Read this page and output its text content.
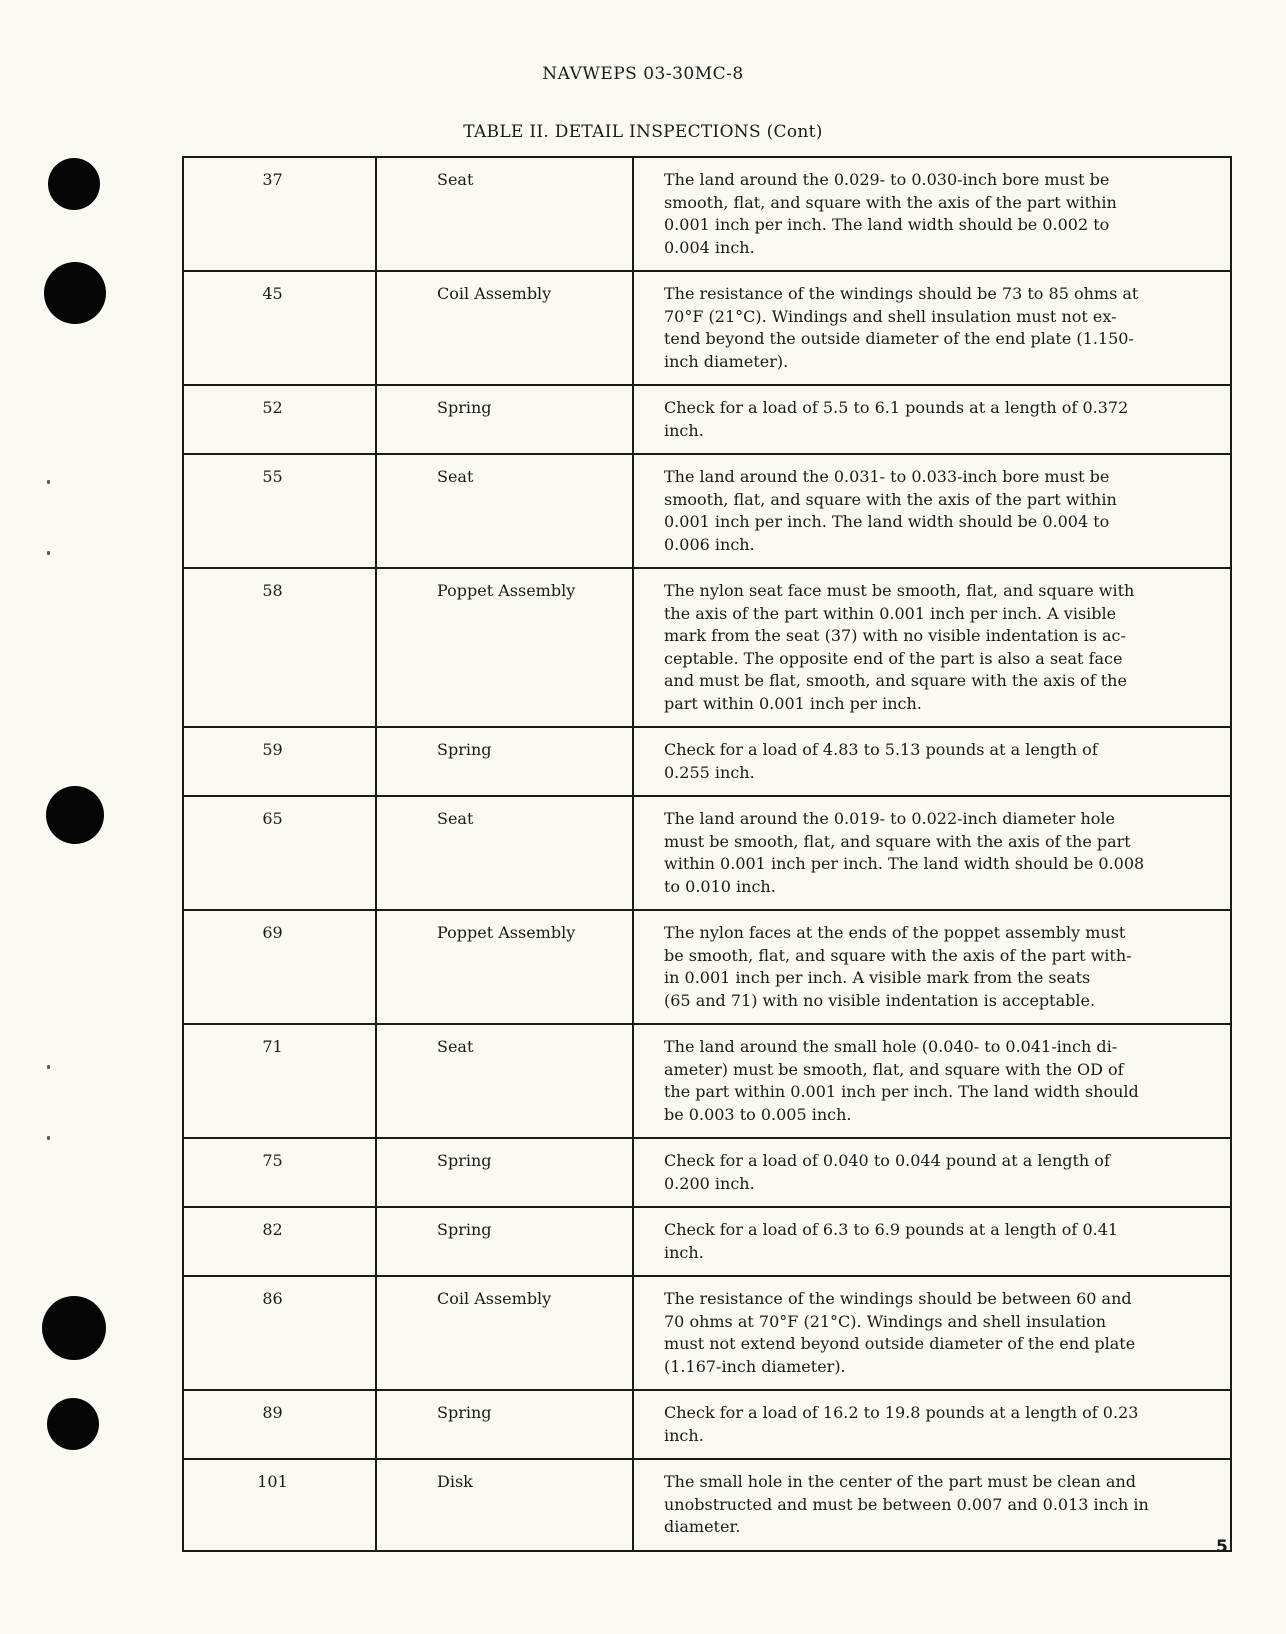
NAVWEPS 03-30MC-8
TABLE II. DETAIL INSPECTIONS (Cont)
37	Seat	The land around the 0.029- to 0.030-inch bore must be
smooth, flat, and square with the axis of the part within
0.001 inch per inch. The land width should be 0.002 to
0.004 inch.

45	Coil Assembly	The resistance of the windings should be 73 to 85 ohms at
70°F (21°C). Windings and shell insulation must not ex-
tend beyond the outside diameter of the end plate (1.150-
inch diameter).

52	Spring	Check for a load of 5.5 to 6.1 pounds at a length of 0.372
inch.

55	Seat	The land around the 0.031- to 0.033-inch bore must be
smooth, flat, and square with the axis of the part within
0.001 inch per inch. The land width should be 0.004 to
0.006 inch.

58	Poppet Assembly	The nylon seat face must be smooth, flat, and square with
the axis of the part within 0.001 inch per inch. A visible
mark from the seat (37) with no visible indentation is ac-
ceptable. The opposite end of the part is also a seat face
and must be flat, smooth, and square with the axis of the
part within 0.001 inch per inch.

59	Spring	Check for a load of 4.83 to 5.13 pounds at a length of
0.255 inch.

65	Seat	The land around the 0.019- to 0.022-inch diameter hole
must be smooth, flat, and square with the axis of the part
within 0.001 inch per inch. The land width should be 0.008
to 0.010 inch.

69	Poppet Assembly	The nylon faces at the ends of the poppet assembly must
be smooth, flat, and square with the axis of the part with-
in 0.001 inch per inch. A visible mark from the seats
(65 and 71) with no visible indentation is acceptable.

71	Seat	The land around the small hole (0.040- to 0.041-inch di-
ameter) must be smooth, flat, and square with the OD of
the part within 0.001 inch per inch. The land width should
be 0.003 to 0.005 inch.

75	Spring	Check for a load of 0.040 to 0.044 pound at a length of
0.200 inch.

82	Spring	Check for a load of 6.3 to 6.9 pounds at a length of 0.41
inch.

86	Coil Assembly	The resistance of the windings should be between 60 and
70 ohms at 70°F (21°C). Windings and shell insulation
must not extend beyond outside diameter of the end plate
(1.167-inch diameter).

89	Spring	Check for a load of 16.2 to 19.8 pounds at a length of 0.23
inch.

101	Disk	The small hole in the center of the part must be clean and
unobstructed and must be between 0.007 and 0.013 inch in
diameter.
5
